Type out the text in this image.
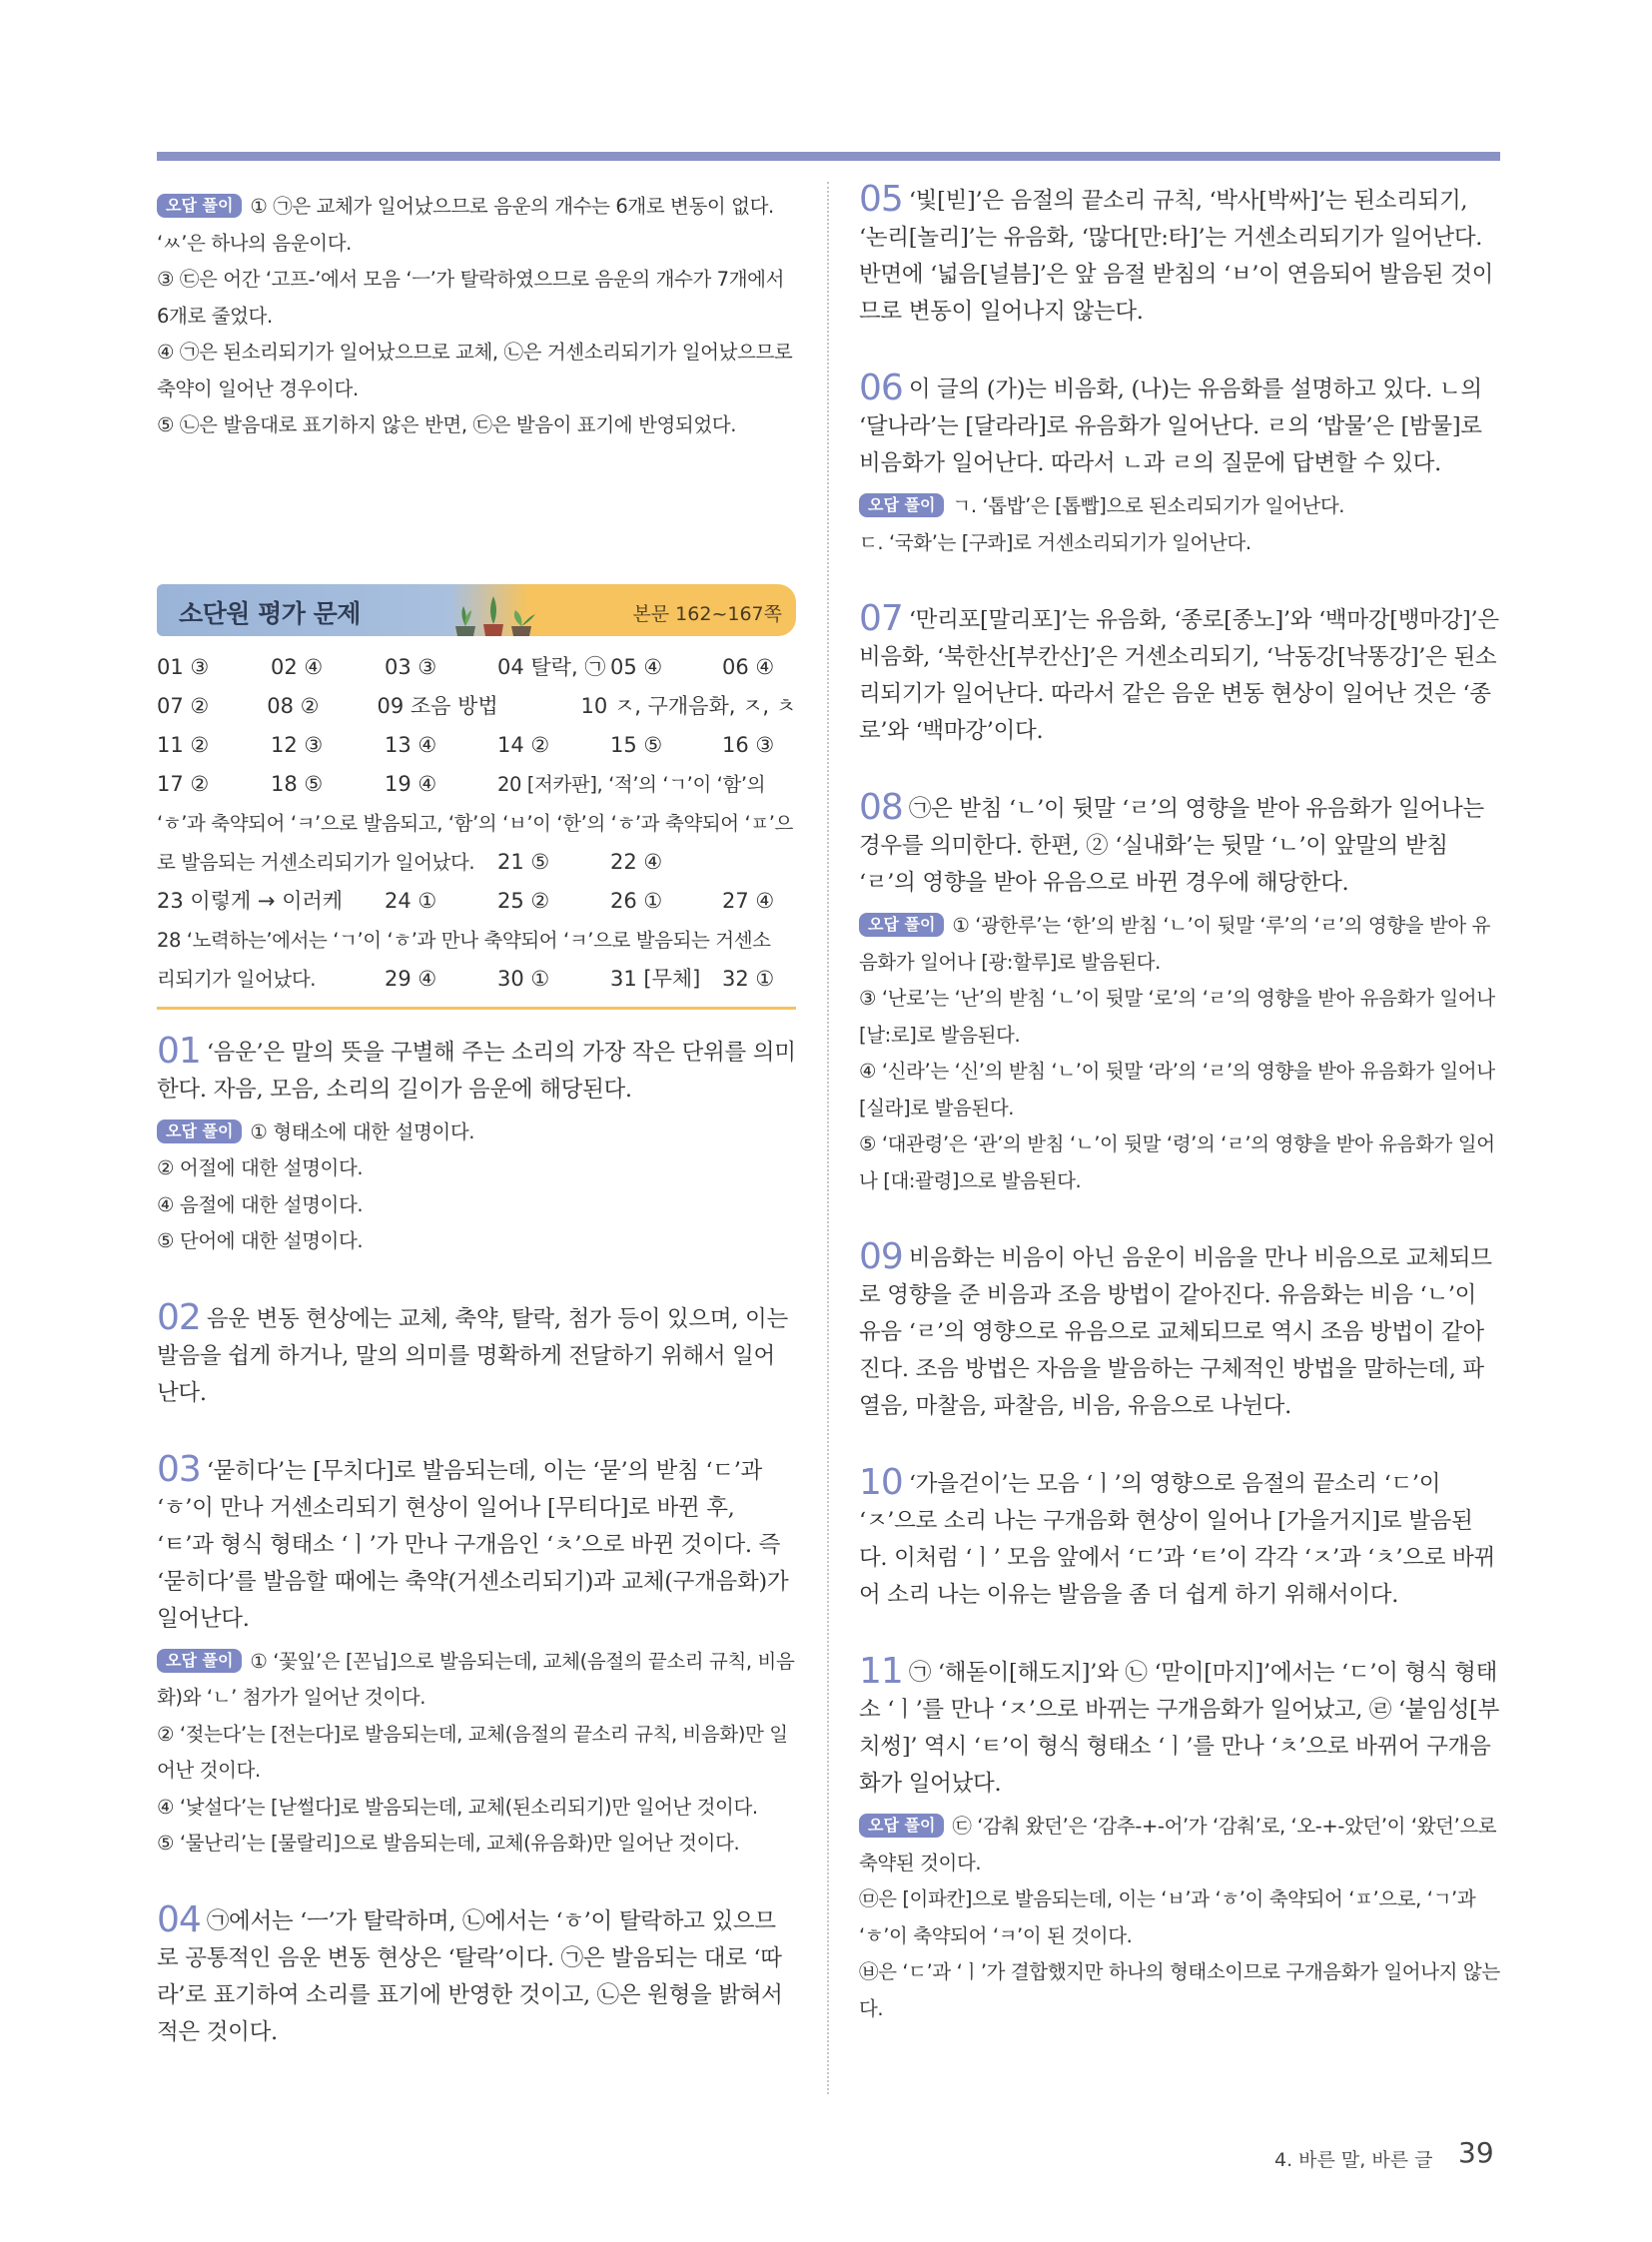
오답 풀이 ① ㉠은 교체가 일어났으므로 음운의 개수는 6개로 변동이 없다. ‘ㅆ’은 하나의 음운이다.

③ ㉢은 어간 ‘고프-’에서 모음 ‘ㅡ’가 탈락하였으므로 음운의 개수가 7개에서 6개로 줄었다.

④ ㉠은 된소리되기가 일어났으므로 교체, ㉡은 거센소리되기가 일어났으므로 축약이 일어난 경우이다.

⑤ ㉡은 발음대로 표기하지 않은 반면, ㉢은 발음이 표기에 반영되었다.

소단원 평가 문제	본문 162~167쪽
01 ③	02 ④	03 ③	04 탈락, ㉠ 05 ④	06 ④
07 ②	08 ②	09 조음 방법	10 ㅈ, 구개음화, ㅈ, ㅊ
11 ②	12 ③	13 ④	14 ②	15 ⑤	16 ③
17 ②	18 ⑤	19 ④	20 [저카판], ‘적’의 ‘ㄱ’이 ‘함’의

‘ㅎ’과 축약되어 ‘ㅋ’으로 발음되고, ‘함’의 ‘ㅂ’이 ‘한’의 ‘ㅎ’과 축약되어 ‘ㅍ’으

로 발음되는 거센소리되기가 일어났다.	21 ⑤	22 ④
23 이렇게 → 이러케	24 ①	25 ②	26 ①	27 ④

28 ‘노력하는’에서는 ‘ㄱ’이 ‘ㅎ’과 만나 축약되어 ‘ㅋ’으로 발음되는 거센소

리되기가 일어났다.	29 ④	30 ①	31 [무체]	32 ①

01 ‘음운’은 말의 뜻을 구별해 주는 소리의 가장 작은 단위를 의미한다. 자음, 모음, 소리의 길이가 음운에 해당된다.

오답 풀이 ① 형태소에 대한 설명이다.

② 어절에 대한 설명이다.

④ 음절에 대한 설명이다.

⑤ 단어에 대한 설명이다.

02 음운 변동 현상에는 교체, 축약, 탈락, 첨가 등이 있으며, 이는 발음을 쉽게 하거나, 말의 의미를 명확하게 전달하기 위해서 일어난다.

03 ‘묻히다’는 [무치다]로 발음되는데, 이는 ‘묻’의 받침 ‘ㄷ’과 ‘ㅎ’이 만나 거센소리되기 현상이 일어나 [무티다]로 바뀐 후, ‘ㅌ’과 형식 형태소 ‘ㅣ’가 만나 구개음인 ‘ㅊ’으로 바뀐 것이다. 즉 ‘묻히다’를 발음할 때에는 축약(거센소리되기)과 교체(구개음화)가 일어난다.

오답 풀이 ① ‘꽃잎’은 [꼰닙]으로 발음되는데, 교체(음절의 끝소리 규칙, 비음화)와 ‘ㄴ’ 첨가가 일어난 것이다.

② ‘젖는다’는 [전는다]로 발음되는데, 교체(음절의 끝소리 규칙, 비음화)만 일어난 것이다.

④ ‘낯설다’는 [낟썰다]로 발음되는데, 교체(된소리되기)만 일어난 것이다.

⑤ ‘물난리’는 [물랄리]으로 발음되는데, 교체(유음화)만 일어난 것이다.

04 ㉠에서는 ‘ㅡ’가 탈락하며, ㉡에서는 ‘ㅎ’이 탈락하고 있으므로 공통적인 음운 변동 현상은 ‘탈락’이다. ㉠은 발음되는 대로 ‘따라’로 표기하여 소리를 표기에 반영한 것이고, ㉡은 원형을 밝혀서 적은 것이다.

05 ‘빛[빋]’은 음절의 끝소리 규칙, ‘박사[박싸]’는 된소리되기, ‘논리[놀리]’는 유음화, ‘많다[만:타]’는 거센소리되기가 일어난다. 반면에 ‘넓음[널븜]’은 앞 음절 받침의 ‘ㅂ’이 연음되어 발음된 것이므로 변동이 일어나지 않는다.

06 이 글의 (가)는 비음화, (나)는 유음화를 설명하고 있다. ㄴ의 ‘달나라’는 [달라라]로 유음화가 일어난다. ㄹ의 ‘밥물’은 [밤물]로 비음화가 일어난다. 따라서 ㄴ과 ㄹ의 질문에 답변할 수 있다.

오답 풀이 ㄱ. ‘톱밥’은 [톱빱]으로 된소리되기가 일어난다.

ㄷ. ‘국화’는 [구콰]로 거센소리되기가 일어난다.

07 ‘만리포[말리포]’는 유음화, ‘종로[종노]’와 ‘백마강[뱅마강]’은 비음화, ‘북한산[부칸산]’은 거센소리되기, ‘낙동강[낙똥강]’은 된소리되기가 일어난다. 따라서 같은 음운 변동 현상이 일어난 것은 ‘종로’와 ‘백마강’이다.

08 ㉠은 받침 ‘ㄴ’이 뒷말 ‘ㄹ’의 영향을 받아 유음화가 일어나는 경우를 의미한다. 한편, ② ‘실내화’는 뒷말 ‘ㄴ’이 앞말의 받침 ‘ㄹ’의 영향을 받아 유음으로 바뀐 경우에 해당한다.

오답 풀이 ① ‘광한루’는 ‘한’의 받침 ‘ㄴ’이 뒷말 ‘루’의 ‘ㄹ’의 영향을 받아 유음화가 일어나 [광:할루]로 발음된다.

③ ‘난로’는 ‘난’의 받침 ‘ㄴ’이 뒷말 ‘로’의 ‘ㄹ’의 영향을 받아 유음화가 일어나 [날:로]로 발음된다.

④ ‘신라’는 ‘신’의 받침 ‘ㄴ’이 뒷말 ‘라’의 ‘ㄹ’의 영향을 받아 유음화가 일어나 [실라]로 발음된다.

⑤ ‘대관령’은 ‘관’의 받침 ‘ㄴ’이 뒷말 ‘령’의 ‘ㄹ’의 영향을 받아 유음화가 일어나 [대:괄령]으로 발음된다.

09 비음화는 비음이 아닌 음운이 비음을 만나 비음으로 교체되므로 영향을 준 비음과 조음 방법이 같아진다. 유음화는 비음 ‘ㄴ’이 유음 ‘ㄹ’의 영향으로 유음으로 교체되므로 역시 조음 방법이 같아진다. 조음 방법은 자음을 발음하는 구체적인 방법을 말하는데, 파열음, 마찰음, 파찰음, 비음, 유음으로 나뉜다.

10 ‘가을걷이’는 모음 ‘ㅣ’의 영향으로 음절의 끝소리 ‘ㄷ’이 ‘ㅈ’으로 소리 나는 구개음화 현상이 일어나 [가을거지]로 발음된다. 이처럼 ‘ㅣ’ 모음 앞에서 ‘ㄷ’과 ‘ㅌ’이 각각 ‘ㅈ’과 ‘ㅊ’으로 바뀌어 소리 나는 이유는 발음을 좀 더 쉽게 하기 위해서이다.

11 ㉠ ‘해돋이[해도지]’와 ㉡ ‘맏이[마지]’에서는 ‘ㄷ’이 형식 형태소 ‘ㅣ’를 만나 ‘ㅈ’으로 바뀌는 구개음화가 일어났고, ㉣ ‘붙임성[부치썽]’ 역시 ‘ㅌ’이 형식 형태소 ‘ㅣ’를 만나 ‘ㅊ’으로 바뀌어 구개음화가 일어났다.

오답 풀이 ㉢ ‘감춰 왔던’은 ‘감추-+-어’가 ‘감춰’로, ‘오-+-았던’이 ‘왔던’으로 축약된 것이다.

㉤은 [이파칸]으로 발음되는데, 이는 ‘ㅂ’과 ‘ㅎ’이 축약되어 ‘ㅍ’으로, ‘ㄱ’과 ‘ㅎ’이 축약되어 ‘ㅋ’이 된 것이다.

㉥은 ‘ㄷ’과 ‘ㅣ’가 결합했지만 하나의 형태소이므로 구개음화가 일어나지 않는다.

4. 바른 말, 바른 글 39
